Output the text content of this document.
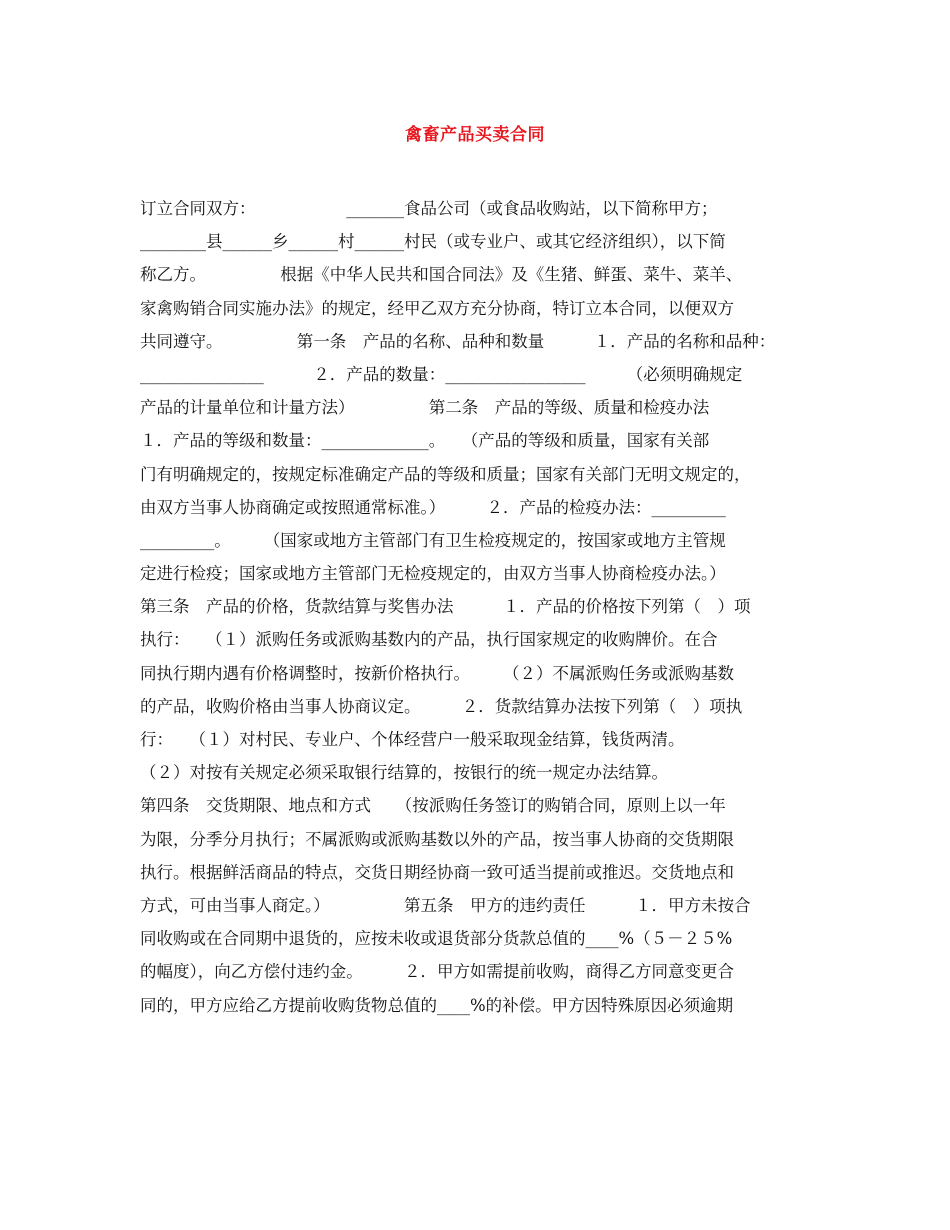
禽畜产品买卖合同
订立合同双方：　　　　　　_______食品公司（或食品收购站，以下简称甲方；
________县______乡______村______村民（或专业户、或其它经济组织），以下简
称乙方。　　　　　根据《中华人民共和国合同法》及《生猪、鲜蛋、菜牛、菜羊、
家禽购销合同实施办法》的规定，经甲乙双方充分协商，特订立本合同，以便双方
共同遵守。　　　　　第一条　产品的名称、品种和数量　　　１．产品的名称和品种：
_______________　　　２．产品的数量：_________________　　　（必须明确规定
产品的计量单位和计量方法）　　　　　第二条　产品的等级、质量和检疫办法
１．产品的等级和数量：_____________。　　（产品的等级和质量，国家有关部
门有明确规定的，按规定标准确定产品的等级和质量；国家有关部门无明文规定的，
由双方当事人协商确定或按照通常标准。）　　　２．产品的检疫办法：_________
_________。　　　（国家或地方主管部门有卫生检疫规定的，按国家或地方主管规
定进行检疫；国家或地方主管部门无检疫规定的，由双方当事人协商检疫办法。）
第三条　产品的价格，货款结算与奖售办法　　　１．产品的价格按下列第（　）项
执行：　　（１）派购任务或派购基数内的产品，执行国家规定的收购牌价。在合
同执行期内遇有价格调整时，按新价格执行。　　　（２）不属派购任务或派购基数
的产品，收购价格由当事人协商议定。　　　２．货款结算办法按下列第（　）项执
行：　　（１）对村民、专业户、个体经营户一般采取现金结算，钱货两清。
（２）对按有关规定必须采取银行结算的，按银行的统一规定办法结算。
第四条　交货期限、地点和方式　　（按派购任务签订的购销合同，原则上以一年
为限，分季分月执行；不属派购或派购基数以外的产品，按当事人协商的交货期限
执行。根据鲜活商品的特点，交货日期经协商一致可适当提前或推迟。交货地点和
方式，可由当事人商定。）　　　　　第五条　甲方的违约责任　　　１．甲方未按合
同收购或在合同期中退货的，应按未收或退货部分货款总值的____%（５－２５%
的幅度），向乙方偿付违约金。　　　２．甲方如需提前收购，商得乙方同意变更合
同的，甲方应给乙方提前收购货物总值的____%的补偿。甲方因特殊原因必须逾期
